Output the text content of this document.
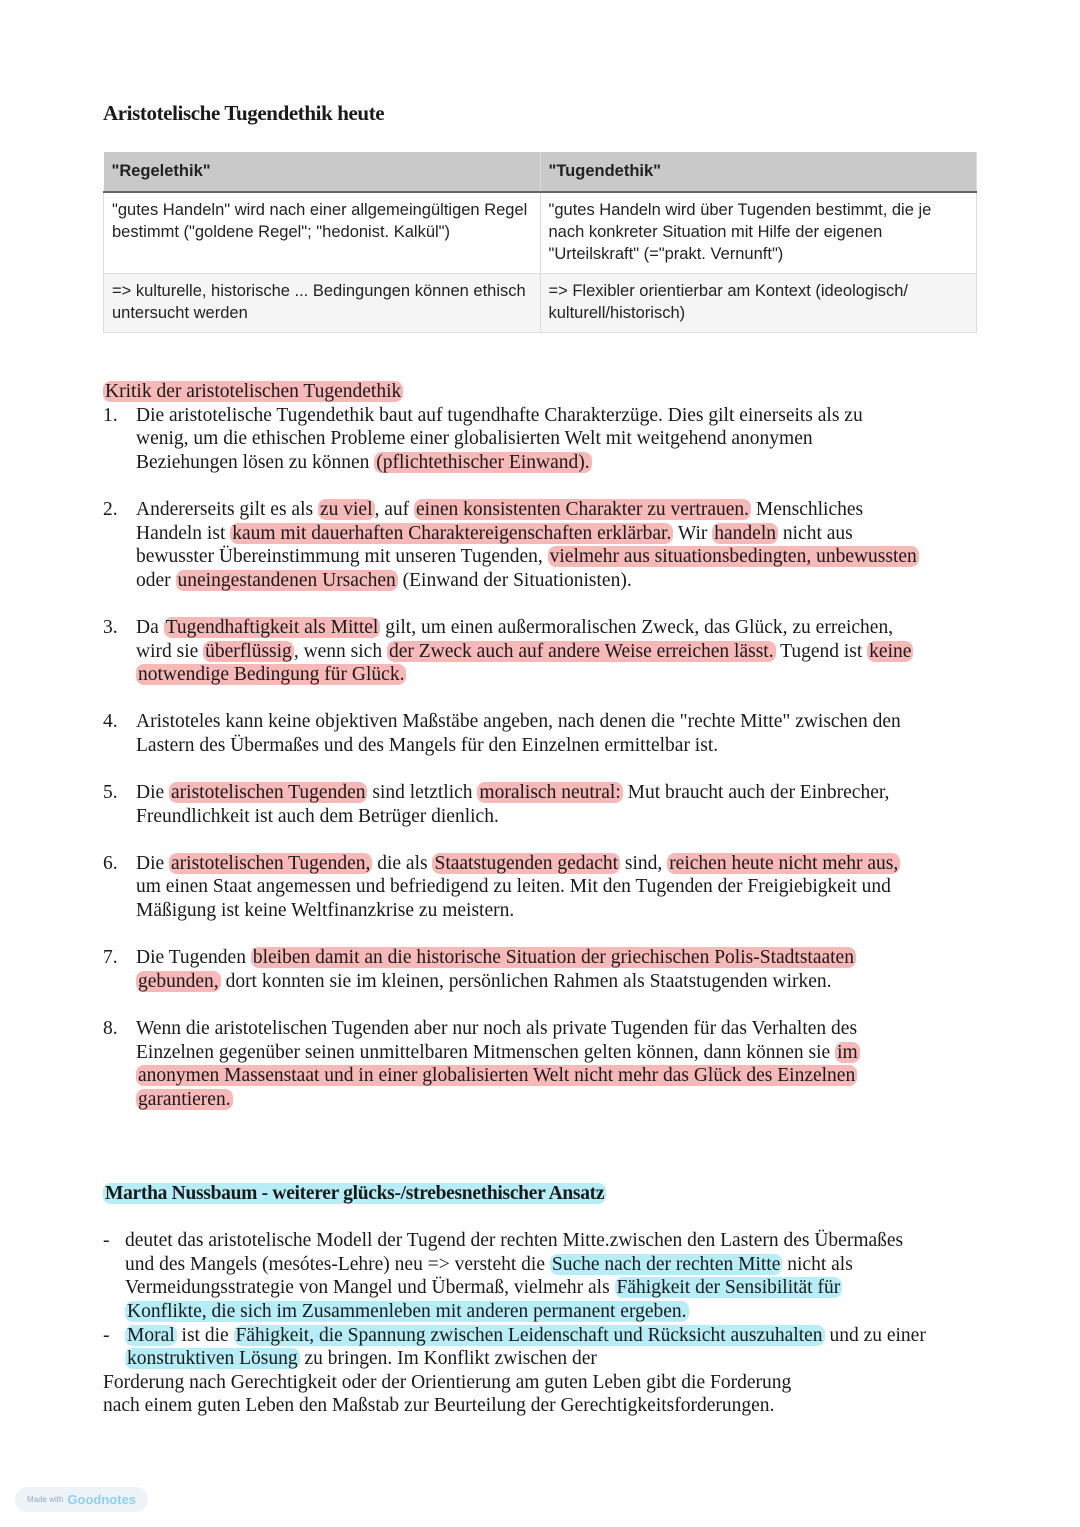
Aristotelische Tugendethik heute
"Regelethik"	"Tugendethik"
"gutes Handeln" wird nach einer allgemeingültigen Regel bestimmt ("goldene Regel"; "hedonist. Kalkül")	"gutes Handeln wird über Tugenden bestimmt, die je nach konkreter Situation mit Hilfe der eigenen "Urteilskraft" (="prakt. Vernunft")
=> kulturelle, historische ... Bedingungen können ethisch untersucht werden	=> Flexibler orientierbar am Kontext (ideologisch/ kulturell/historisch)
Kritik der aristotelischen Tugendethik
1. Die aristotelische Tugendethik baut auf tugendhafte Charakterzüge. Dies gilt einerseits als zu
wenig, um die ethischen Probleme einer globalisierten Welt mit weitgehend anonymen
Beziehungen lösen zu können (pflichtethischer Einwand).
2. Andererseits gilt es als zu viel , auf einen konsistenten Charakter zu vertrauen. Menschliches
Handeln ist kaum mit dauerhaften Charaktereigenschaften erklärbar. Wir handeln nicht aus
bewusster Übereinstimmung mit unseren Tugenden, vielmehr aus situationsbedingten, unbewussten
oder uneingestandenen Ursachen (Einwand der Situationisten).
3. Da Tugendhaftigkeit als Mittel gilt, um einen außermoralischen Zweck, das Glück, zu erreichen,
wird sie überflüssig , wenn sich der Zweck auch auf andere Weise erreichen lässt. Tugend ist keine
notwendige Bedingung für Glück.
4. Aristoteles kann keine objektiven Maßstäbe angeben, nach denen die "rechte Mitte" zwischen den
Lastern des Übermaßes und des Mangels für den Einzelnen ermittelbar ist.
5. Die aristotelischen Tugenden sind letztlich moralisch neutral: Mut braucht auch der Einbrecher,
Freundlichkeit ist auch dem Betrüger dienlich.
6. Die aristotelischen Tugenden, die als Staatstugenden gedacht sind, reichen heute nicht mehr aus,
um einen Staat angemessen und befriedigend zu leiten. Mit den Tugenden der Freigiebigkeit und
Mäßigung ist keine Weltfinanzkrise zu meistern.
7. Die Tugenden bleiben damit an die historische Situation der griechischen Polis-Stadtstaaten
gebunden, dort konnten sie im kleinen, persönlichen Rahmen als Staatstugenden wirken.
8. Wenn die aristotelischen Tugenden aber nur noch als private Tugenden für das Verhalten des
Einzelnen gegenüber seinen unmittelbaren Mitmenschen gelten können, dann können sie im
anonymen Massenstaat und in einer globalisierten Welt nicht mehr das Glück des Einzelnen
garantieren.
Martha Nussbaum - weiterer glücks-/strebesnethischer Ansatz
- deutet das aristotelische Modell der Tugend der rechten Mitte.zwischen den Lastern des Übermaßes
und des Mangels (mesótes-Lehre) neu => versteht die Suche nach der rechten Mitte nicht als
Vermeidungsstrategie von Mangel und Übermaß, vielmehr als Fähigkeit der Sensibilität für
Konflikte, die sich im Zusammenleben mit anderen permanent ergeben.
- Moral ist die Fähigkeit, die Spannung zwischen Leidenschaft und Rücksicht auszuhalten und zu einer
konstruktiven Lösung zu bringen. Im Konflikt zwischen der
Forderung nach Gerechtigkeit oder der Orientierung am guten Leben gibt die Forderung
nach einem guten Leben den Maßstab zur Beurteilung der Gerechtigkeitsforderungen.
Made with Goodnotes
